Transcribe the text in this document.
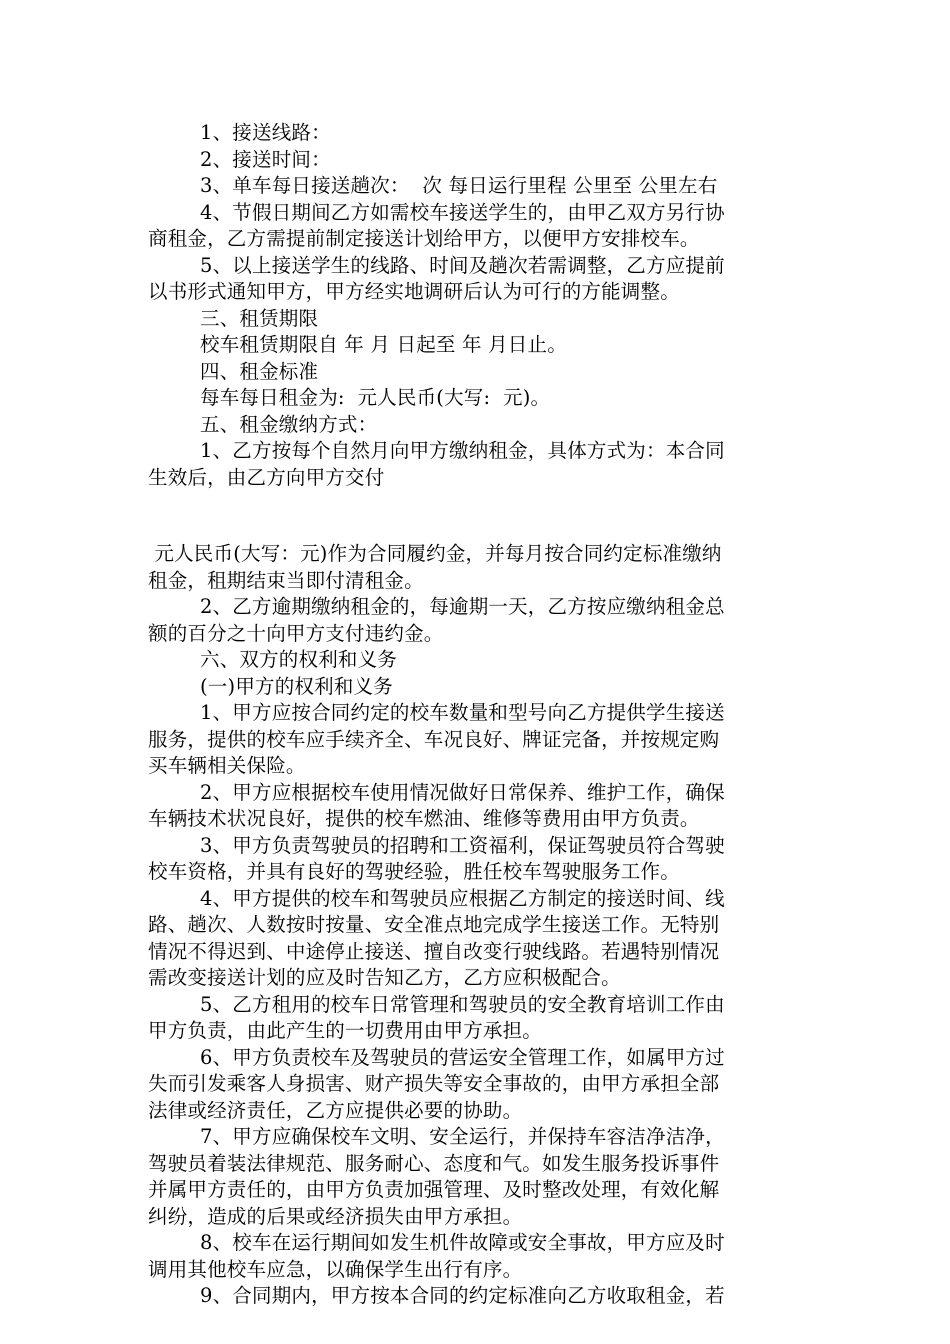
1、接送线路：
2、接送时间：
3、单车每日接送趟次：  次 每日运行里程 公里至 公里左右
4、节假日期间乙方如需校车接送学生的，由甲乙双方另行协
商租金，乙方需提前制定接送计划给甲方，以便甲方安排校车。
5、以上接送学生的线路、时间及趟次若需调整，乙方应提前
以书形式通知甲方，甲方经实地调研后认为可行的方能调整。
三、租赁期限
校车租赁期限自 年 月 日起至 年 月日止。
四、租金标准
每车每日租金为:  元人民币(大写:  元)。
五、租金缴纳方式：
1、乙方按每个自然月向甲方缴纳租金，具体方式为：本合同
生效后，由乙方向甲方交付
元人民币(大写：元)作为合同履约金，并每月按合同约定标准缴纳
租金，租期结束当即付清租金。
2、乙方逾期缴纳租金的，每逾期一天，乙方按应缴纳租金总
额的百分之十向甲方支付违约金。
六、双方的权利和义务
(一)甲方的权利和义务
1、甲方应按合同约定的校车数量和型号向乙方提供学生接送
服务，提供的校车应手续齐全、车况良好、牌证完备，并按规定购
买车辆相关保险。
2、甲方应根据校车使用情况做好日常保养、维护工作，确保
车辆技术状况良好，提供的校车燃油、维修等费用由甲方负责。
3、甲方负责驾驶员的招聘和工资福利，保证驾驶员符合驾驶
校车资格，并具有良好的驾驶经验，胜任校车驾驶服务工作。
4、甲方提供的校车和驾驶员应根据乙方制定的接送时间、线
路、趟次、人数按时按量、安全准点地完成学生接送工作。无特别
情况不得迟到、中途停止接送、擅自改变行驶线路。若遇特别情况
需改变接送计划的应及时告知乙方，乙方应积极配合。
5、乙方租用的校车日常管理和驾驶员的安全教育培训工作由
甲方负责，由此产生的一切费用由甲方承担。
6、甲方负责校车及驾驶员的营运安全管理工作，如属甲方过
失而引发乘客人身损害、财产损失等安全事故的，由甲方承担全部
法律或经济责任，乙方应提供必要的协助。
7、甲方应确保校车文明、安全运行，并保持车容洁净洁净，
驾驶员着装法律规范、服务耐心、态度和气。如发生服务投诉事件
并属甲方责任的，由甲方负责加强管理、及时整改处理，有效化解
纠纷，造成的后果或经济损失由甲方承担。
8、校车在运行期间如发生机件故障或安全事故，甲方应及时
调用其他校车应急，以确保学生出行有序。
9、合同期内，甲方按本合同的约定标准向乙方收取租金，若
